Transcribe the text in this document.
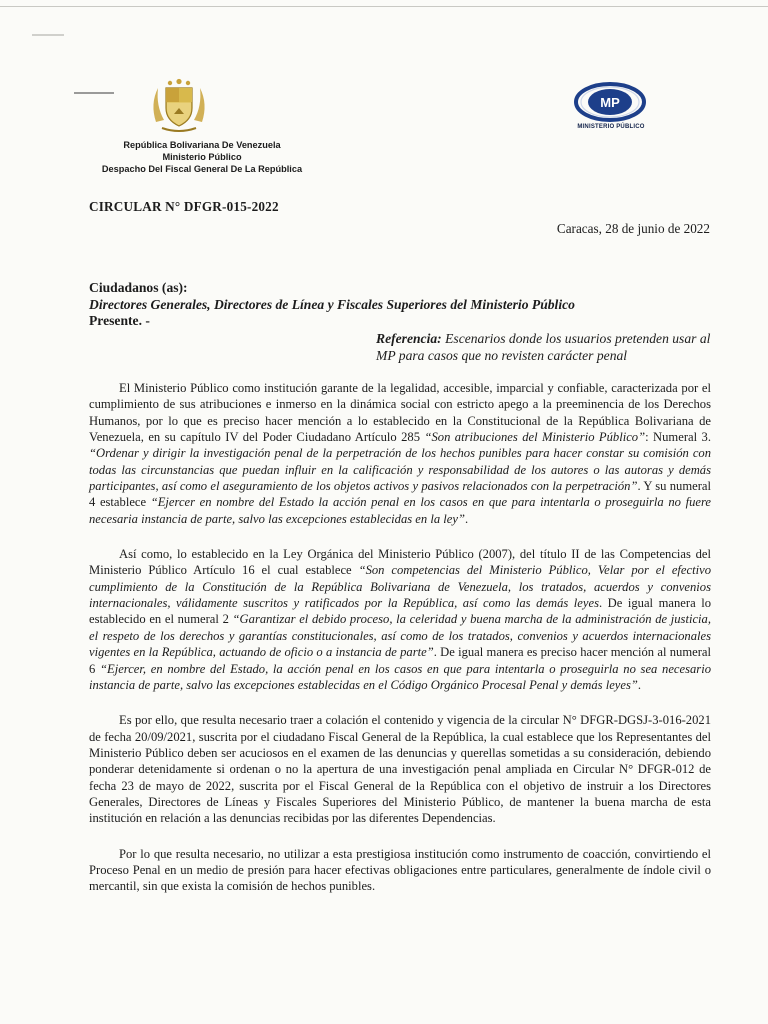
MP
MINISTERIO PÚBLICO
República Bolivariana De Venezuela
Ministerio Público
Despacho Del Fiscal General De La República
CIRCULAR N° DFGR-015-2022
Caracas, 28 de junio de 2022
Ciudadanos (as):
Directores Generales, Directores de Línea y Fiscales Superiores del Ministerio Público
Presente. -
Referencia: Escenarios donde los usuarios pretenden usar al MP para casos que no revisten carácter penal

El Ministerio Público como institución garante de la legalidad, accesible, imparcial y confiable, caracterizada por el cumplimiento de sus atribuciones e inmerso en la dinámica social con estricto apego a la preeminencia de los Derechos Humanos, por lo que es preciso hacer mención a lo establecido en la Constitucional de la República Bolivariana de Venezuela, en su capítulo IV del Poder Ciudadano Artículo 285 “Son atribuciones del Ministerio Público”: Numeral 3. “Ordenar y dirigir la investigación penal de la perpetración de los hechos punibles para hacer constar su comisión con todas las circunstancias que puedan influir en la calificación y responsabilidad de los autores o las autoras y demás participantes, así como el aseguramiento de los objetos activos y pasivos relacionados con la perpetración”. Y su numeral 4 establece “Ejercer en nombre del Estado la acción penal en los casos en que para intentarla o proseguirla no fuere necesaria instancia de parte, salvo las excepciones establecidas en la ley”.

Así como, lo establecido en la Ley Orgánica del Ministerio Público (2007), del título II de las Competencias del Ministerio Público Artículo 16 el cual establece “Son competencias del Ministerio Público, Velar por el efectivo cumplimiento de la Constitución de la República Bolivariana de Venezuela, los tratados, acuerdos y convenios internacionales, válidamente suscritos y ratificados por la República, así como las demás leyes. De igual manera lo establecido en el numeral 2 “Garantizar el debido proceso, la celeridad y buena marcha de la administración de justicia, el respeto de los derechos y garantías constitucionales, así como de los tratados, convenios y acuerdos internacionales vigentes en la República, actuando de oficio o a instancia de parte”. De igual manera es preciso hacer mención al numeral 6 “Ejercer, en nombre del Estado, la acción penal en los casos en que para intentarla o proseguirla no sea necesario instancia de parte, salvo las excepciones establecidas en el Código Orgánico Procesal Penal y demás leyes”.

Es por ello, que resulta necesario traer a colación el contenido y vigencia de la circular N° DFGR-DGSJ-3-016-2021 de fecha 20/09/2021, suscrita por el ciudadano Fiscal General de la República, la cual establece que los Representantes del Ministerio Público deben ser acuciosos en el examen de las denuncias y querellas sometidas a su consideración, debiendo ponderar detenidamente si ordenan o no la apertura de una investigación penal ampliada en Circular N° DFGR-012 de fecha 23 de mayo de 2022, suscrita por el Fiscal General de la República con el objetivo de instruir a los Directores Generales, Directores de Líneas y Fiscales Superiores del Ministerio Público, de mantener la buena marcha de esta institución en relación a las denuncias recibidas por las diferentes Dependencias.

Por lo que resulta necesario, no utilizar a esta prestigiosa institución como instrumento de coacción, convirtiendo el Proceso Penal en un medio de presión para hacer efectivas obligaciones entre particulares, generalmente de índole civil o mercantil, sin que exista la comisión de hechos punibles.
